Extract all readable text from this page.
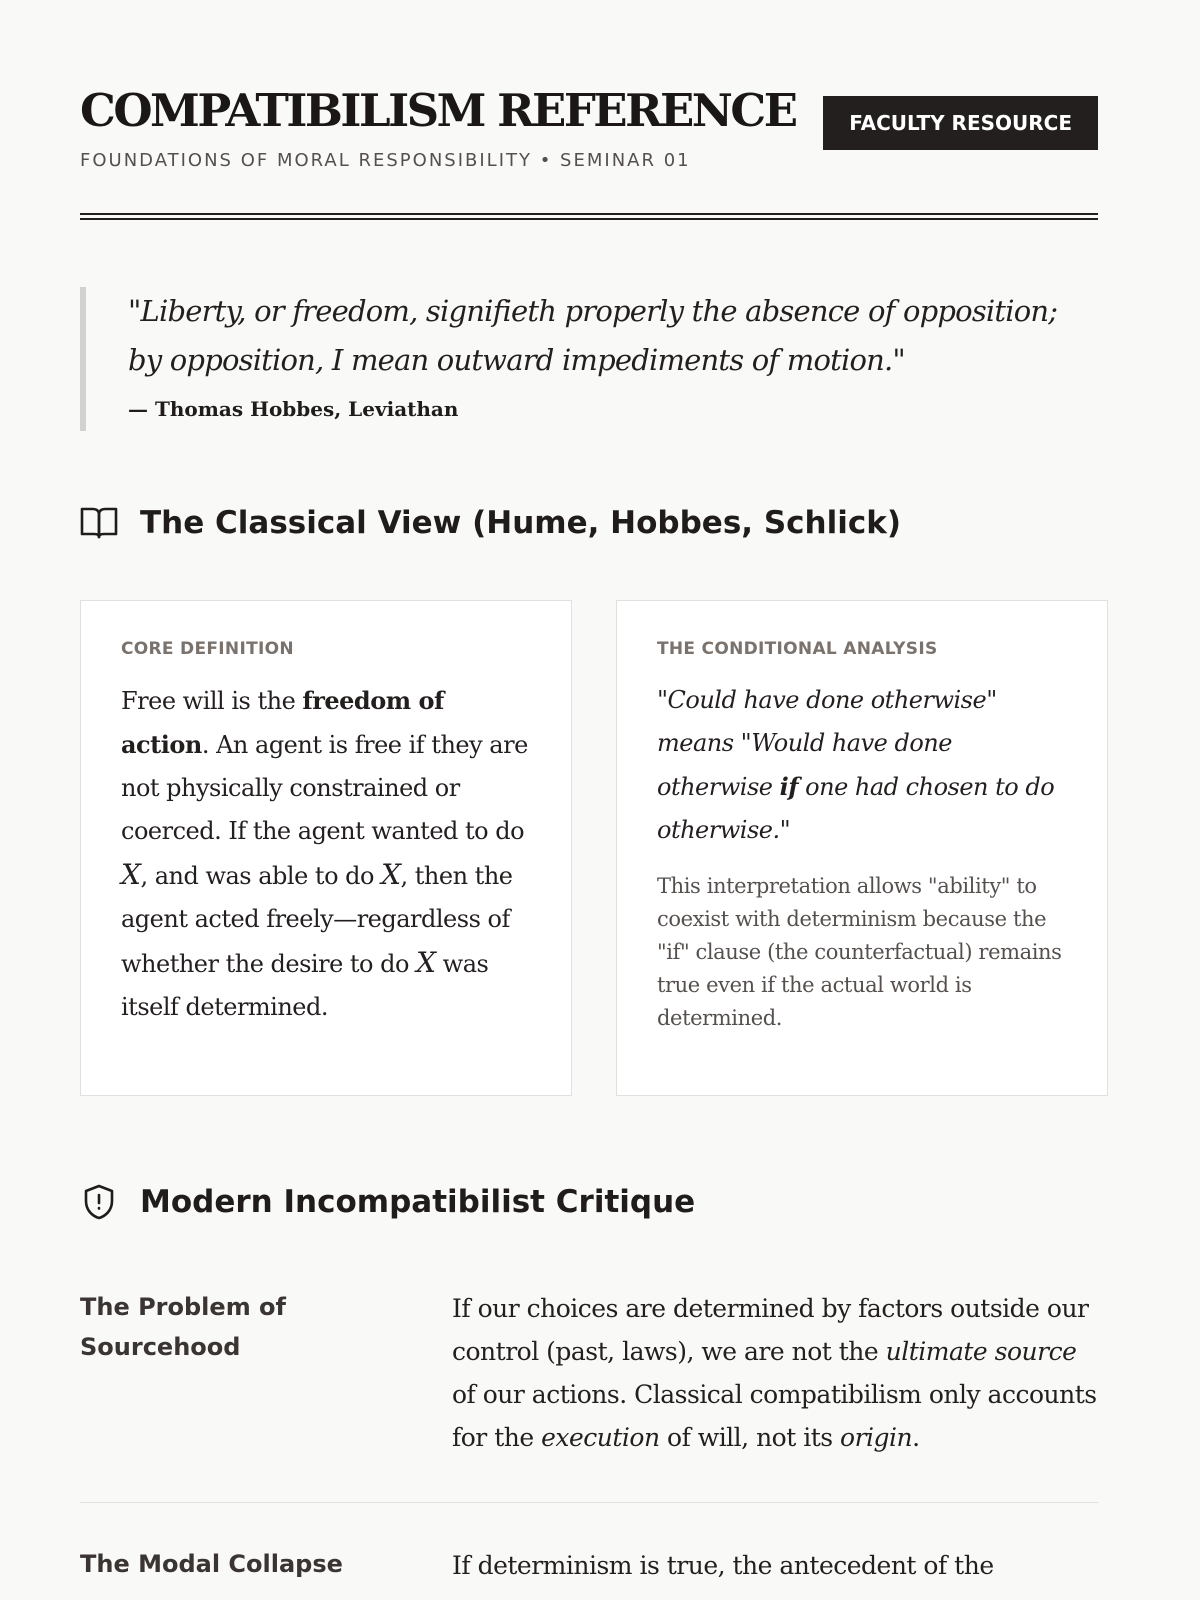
COMPATIBILISM REFERENCE
FOUNDATIONS OF MORAL RESPONSIBILITY • SEMINAR 01
FACULTY RESOURCE
"Liberty, or freedom, signifieth properly the absence of opposition;
by opposition, I mean outward impediments of motion."
— Thomas Hobbes, Leviathan
The Classical View (Hume, Hobbes, Schlick)
CORE DEFINITION
Free will is the freedom of action. An agent is free if they are not physically constrained or coerced. If the agent wanted to do X, and was able to do X, then the agent acted freely—regardless of whether the desire to do X was itself determined.
THE CONDITIONAL ANALYSIS
"Could have done otherwise" means "Would have done otherwise if one had chosen to do otherwise."
This interpretation allows "ability" to coexist with determinism because the "if" clause (the counterfactual) remains true even if the actual world is determined.
Modern Incompatibilist Critique
The Problem of Sourcehood
If our choices are determined by factors outside our control (past, laws), we are not the ultimate source of our actions. Classical compatibilism only accounts for the execution of will, not its origin.
The Modal Collapse	If determinism is true, the antecedent of the
